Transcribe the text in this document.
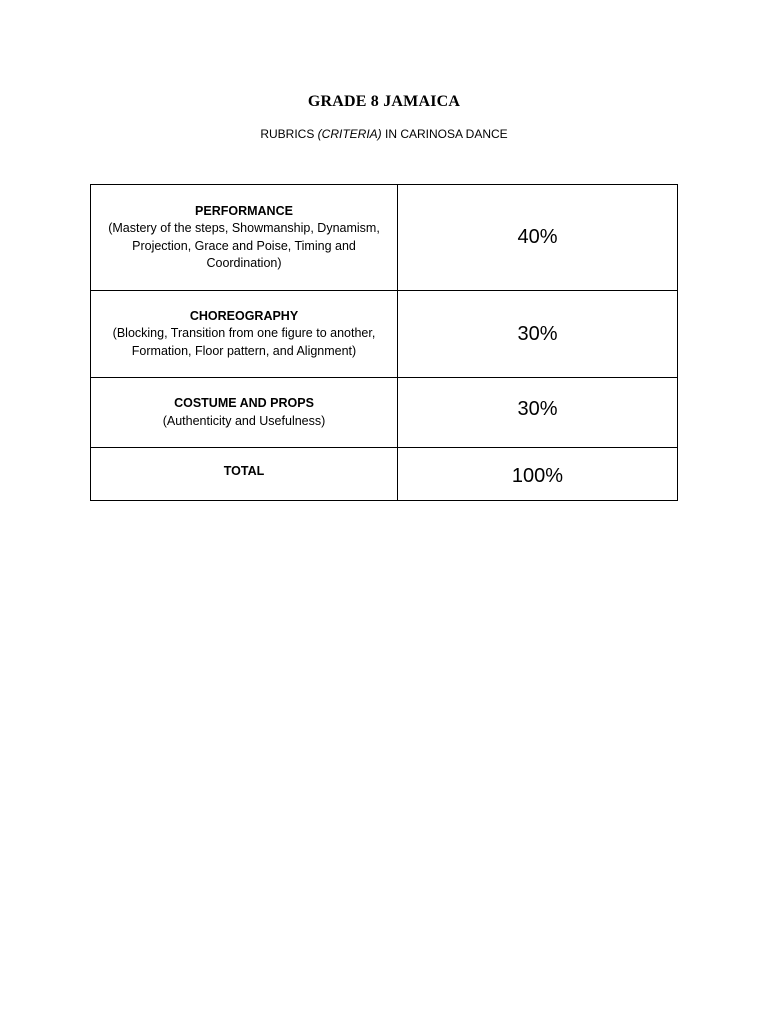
GRADE 8 JAMAICA
RUBRICS (CRITERIA) IN CARINOSA DANCE
PERFORMANCE
(Mastery of the steps, Showmanship, Dynamism, Projection, Grace and Poise, Timing and Coordination)	40%

CHOREOGRAPHY
(Blocking, Transition from one figure to another, Formation, Floor pattern, and Alignment)	30%

COSTUME AND PROPS
(Authenticity and Usefulness)	30%

TOTAL	100%
